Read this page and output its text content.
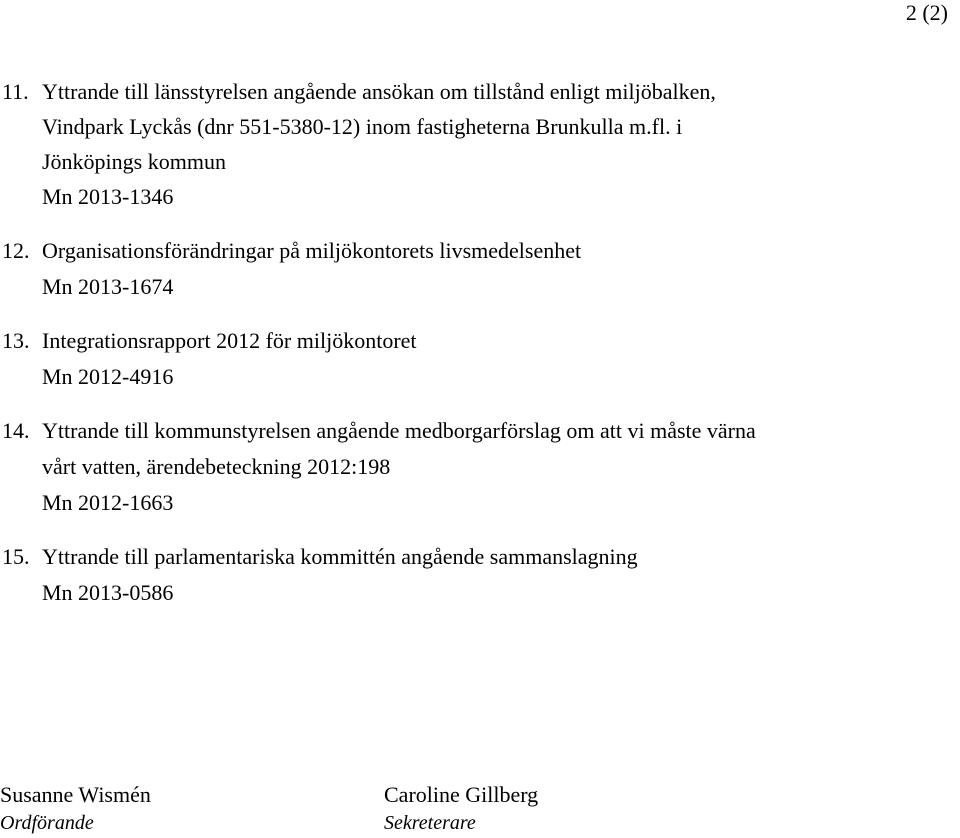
2 (2)
11. Yttrande till länsstyrelsen angående ansökan om tillstånd enligt miljöbalken,
Vindpark Lyckås (dnr 551-5380-12) inom fastigheterna Brunkulla m.fl. i
Jönköpings kommun
Mn 2013-1346
12. Organisationsförändringar på miljökontorets livsmedelsenhet
Mn 2013-1674
13. Integrationsrapport 2012 för miljökontoret
Mn 2012-4916
14. Yttrande till kommunstyrelsen angående medborgarförslag om att vi måste värna
vårt vatten, ärendebeteckning 2012:198
Mn 2012-1663
15. Yttrande till parlamentariska kommittén angående sammanslagning
Mn 2013-0586
Susanne Wismén
Ordförande
Caroline Gillberg
Sekreterare
